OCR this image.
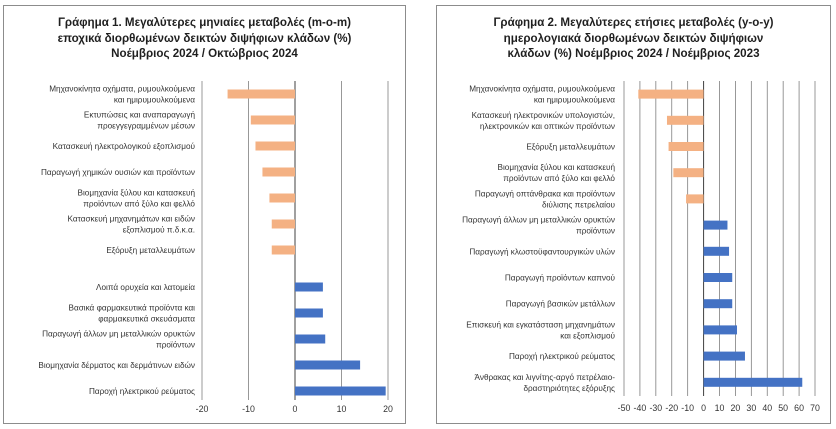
Γράφημα 1. Μεγαλύτερες μηνιαίες μεταβολές (m-o-m)
εποχικά διορθωμένων δεικτών διψήφιων κλάδων (%)
Νοέμβριος 2024 / Οκτώβριος 2024
Μηχανοκίνητα οχήματα, ρυμουλκούμενα και ημιρυμουλκούμενα
Εκτυπώσεις και αναπαραγωγή προεγγεγραμμένων μέσων
Κατασκευή ηλεκτρολογικού εξοπλισμού
Παραγωγή χημικών ουσιών και προϊόντων
Βιομηχανία ξύλου και κατασκευή προϊόντων από ξύλο και φελλό
Κατασκευή μηχανημάτων και ειδών εξοπλισμού π.δ.κ.α.
Εξόρυξη μεταλλευμάτων
Λοιπά ορυχεία και λατομεία
Βασικά φαρμακευτικά προϊόντα και φαρμακευτικά σκευάσματα
Παραγωγή άλλων μη μεταλλικών ορυκτών προϊόντων
Βιομηχανία δέρματος και δερμάτινων ειδών
Παροχή ηλεκτρικού ρεύματος
-20	-10	0	10	20
Γράφημα 2. Μεγαλύτερες ετήσιες μεταβολές (y-o-y)
ημερολογιακά διορθωμένων δεικτών διψήφιων
κλάδων (%) Νοέμβριος 2024 / Νοέμβριος 2023
Μηχανοκίνητα οχήματα, ρυμουλκούμενα και ημιρυμουλκούμενα
Κατασκευή ηλεκτρονικών υπολογιστών, ηλεκτρονικών και οπτικών προϊόντων
Εξόρυξη μεταλλευμάτων
Βιομηχανία ξύλου και κατασκευή προϊόντων από ξύλο και φελλό
Παραγωγή οπτάνθρακα και προϊόντων διύλισης πετρελαίου
Παραγωγή άλλων μη μεταλλικών ορυκτών προϊόντων
Παραγωγή κλωστοϋφαντουργικών υλών
Παραγωγή προϊόντων καπνού
Παραγωγή βασικών μετάλλων
Επισκευή και εγκατάσταση μηχανημάτων και εξοπλισμού
Παροχή ηλεκτρικού ρεύματος
Άνθρακας και λιγνίτης-αργό πετρέλαιο-δραστηριότητες εξόρυξης
-50 -40 -30 -20 -10 0 10 20 30 40 50 60 70
